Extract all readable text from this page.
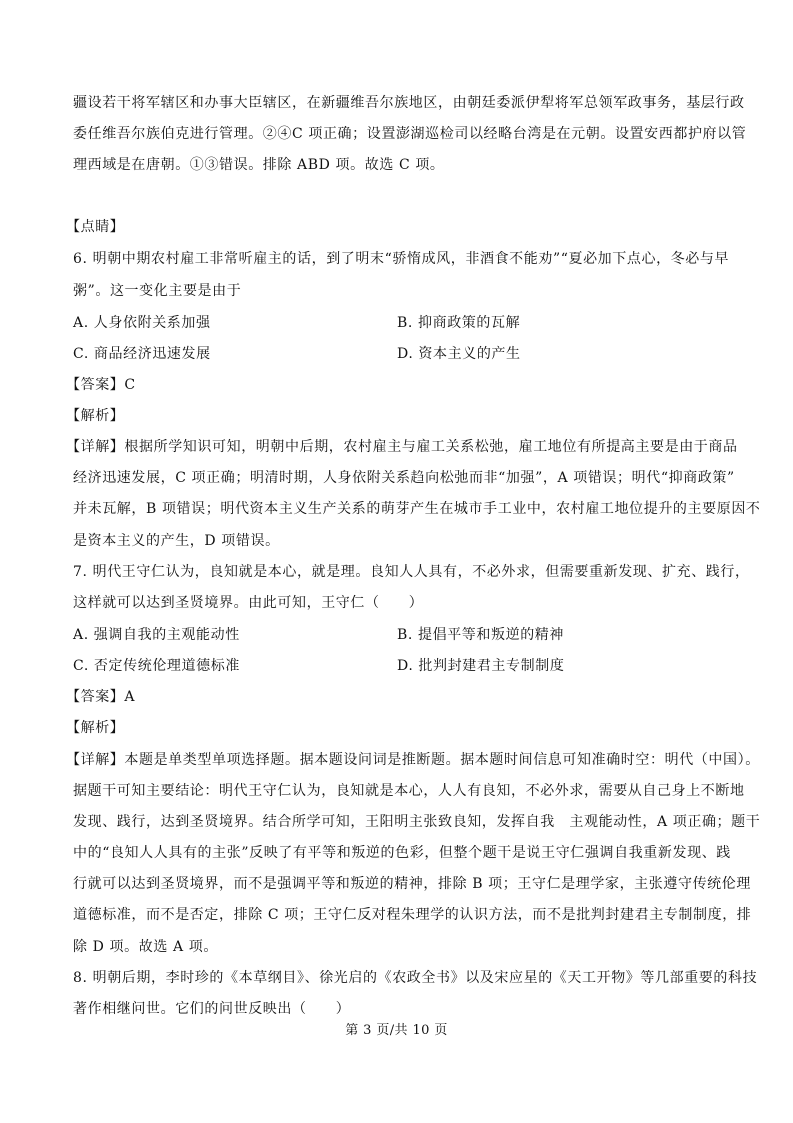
疆设若干将军辖区和办事大臣辖区，在新疆维吾尔族地区，由朝廷委派伊犁将军总领军政事务，基层行政
委任维吾尔族伯克进行管理。②④C 项正确；设置澎湖巡检司以经略台湾是在元朝。设置安西都护府以管
理西域是在唐朝。①③错误。排除 ABD 项。故选 C 项。
【点睛】
6. 明朝中期农村雇工非常听雇主的话，到了明末“骄惰成风，非酒食不能劝”“夏必加下点心，冬必与早
粥”。这一变化主要是由于
A. 人身依附关系加强	B. 抑商政策的瓦解
C. 商品经济迅速发展	D. 资本主义的产生
【答案】C
【解析】
【详解】根据所学知识可知，明朝中后期，农村雇主与雇工关系松弛，雇工地位有所提高主要是由于商品
经济迅速发展，C 项正确；明清时期，人身依附关系趋向松弛而非“加强”，A 项错误；明代“抑商政策”
并未瓦解，B 项错误；明代资本主义生产关系的萌芽产生在城市手工业中，农村雇工地位提升的主要原因不
是资本主义的产生，D 项错误。
7. 明代王守仁认为，良知就是本心，就是理。良知人人具有，不必外求，但需要重新发现、扩充、践行，
这样就可以达到圣贤境界。由此可知，王守仁（　　）
A. 强调自我的主观能动性	B. 提倡平等和叛逆的精神
C. 否定传统伦理道德标准	D. 批判封建君主专制制度
【答案】A
【解析】
【详解】本题是单类型单项选择题。据本题设问词是推断题。据本题时间信息可知准确时空：明代（中国）。
据题干可知主要结论：明代王守仁认为，良知就是本心，人人有良知，不必外求，需要从自己身上不断地
发现、践行，达到圣贤境界。结合所学可知，王阳明主张致良知，发挥自我　主观能动性，A 项正确；题干
中的“良知人人具有的主张”反映了有平等和叛逆的色彩，但整个题干是说王守仁强调自我重新发现、践
行就可以达到圣贤境界，而不是强调平等和叛逆的精神，排除 B 项；王守仁是理学家，主张遵守传统伦理
道德标准，而不是否定，排除 C 项；王守仁反对程朱理学的认识方法，而不是批判封建君主专制制度，排
除 D 项。故选 A 项。
8. 明朝后期，李时珍的《本草纲目》、徐光启的《农政全书》以及宋应星的《天工开物》等几部重要的科技
著作相继问世。它们的问世反映出（　　）
第 3 页/共 10 页
